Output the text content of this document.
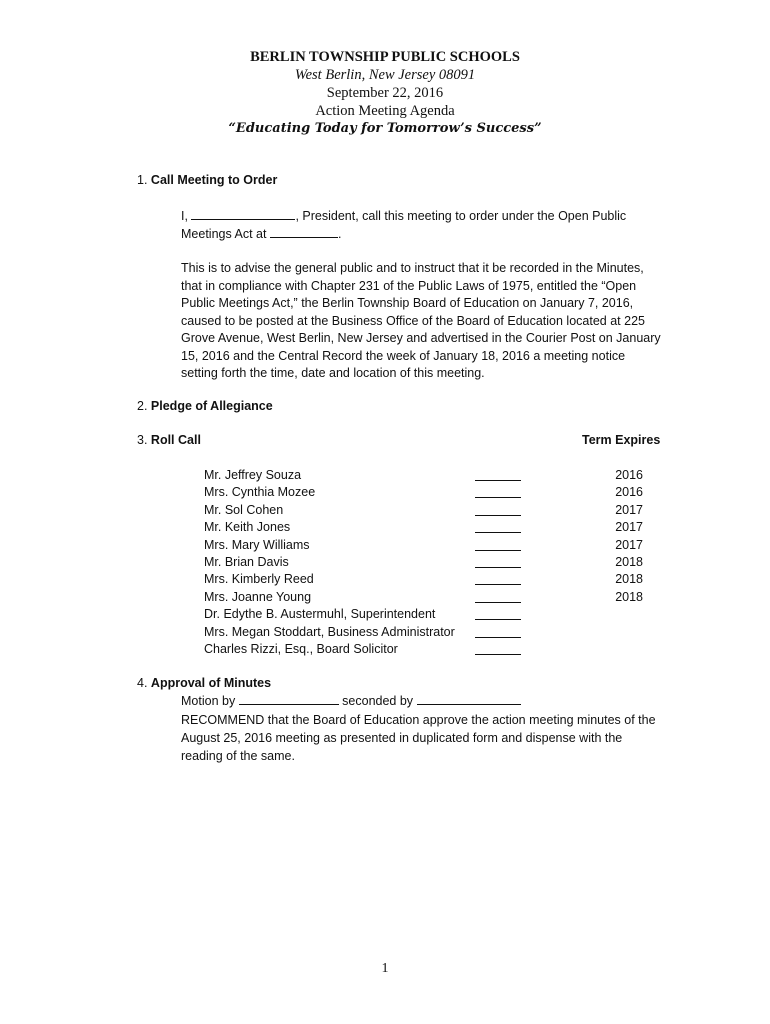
BERLIN TOWNSHIP PUBLIC SCHOOLS
West Berlin, New Jersey 08091
September 22, 2016
Action Meeting Agenda
“Educating Today for Tomorrow’s Success”
1. Call Meeting to Order
I,	, President, call this meeting to order under the Open Public
Meetings Act at	.
This is to advise the general public and to instruct that it be recorded in the Minutes, that in compliance with Chapter 231 of the Public Laws of 1975, entitled the “Open Public Meetings Act,” the Berlin Township Board of Education on January 7, 2016, caused to be posted at the Business Office of the Board of Education located at 225 Grove Avenue, West Berlin, New Jersey and advertised in the Courier Post on January 15, 2016 and the Central Record the week of January 18, 2016 a meeting notice setting forth the time, date and location of this meeting.
2. Pledge of Allegiance
3. Roll Call	Term Expires
Mr. Jeffrey Souza	2016
Mrs. Cynthia Mozee	2016
Mr. Sol Cohen	2017
Mr. Keith Jones	2017
Mrs. Mary Williams	2017
Mr. Brian Davis	2018
Mrs. Kimberly Reed	2018
Mrs. Joanne Young	2018
Dr. Edythe B. Austermuhl, Superintendent
Mrs. Megan Stoddart, Business Administrator
Charles Rizzi, Esq., Board Solicitor
4. Approval of Minutes
Motion by	seconded by
RECOMMEND that the Board of Education approve the action meeting minutes of the August 25, 2016 meeting as presented in duplicated form and dispense with the reading of the same.
1
